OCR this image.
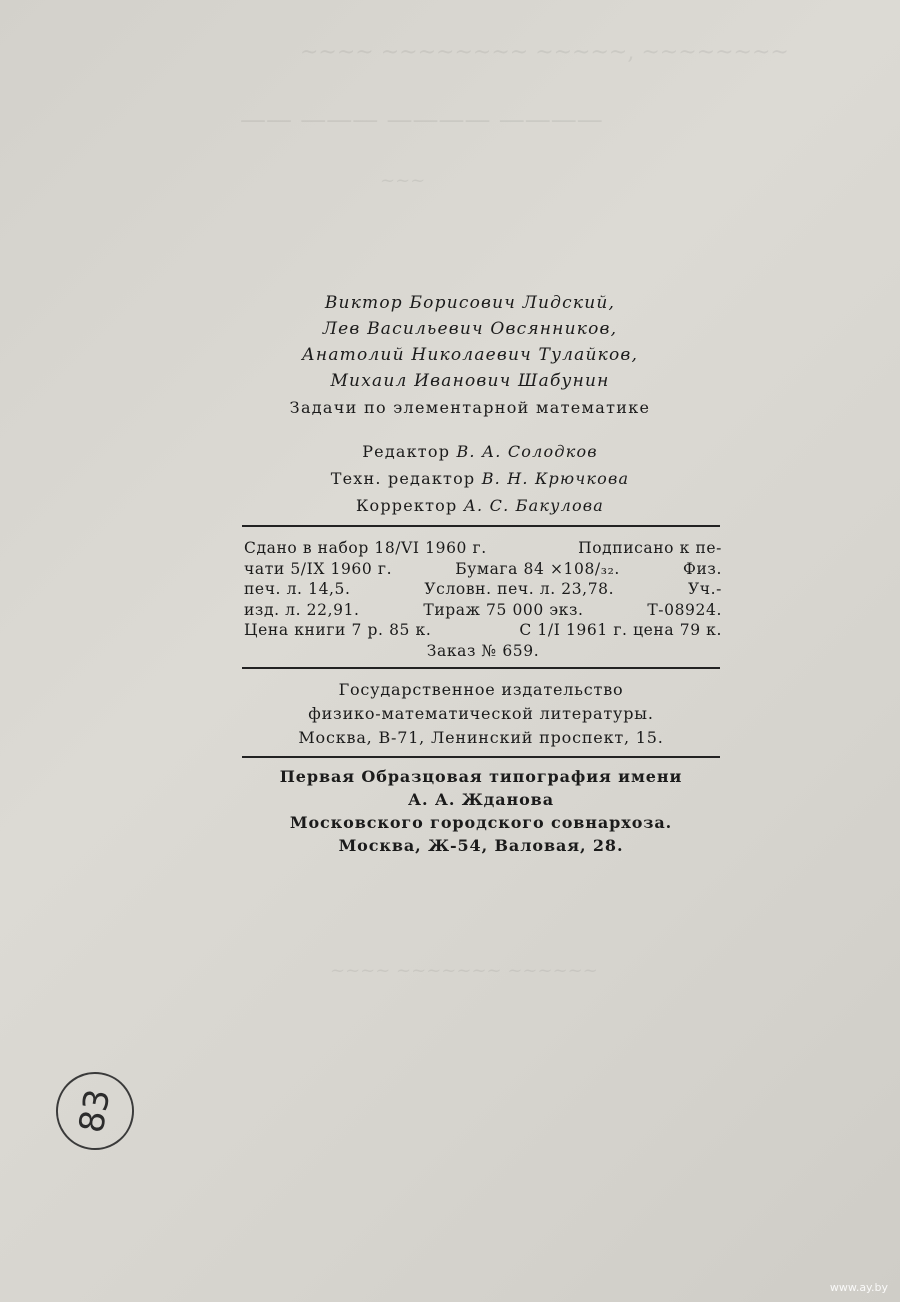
~~~~ ~~~~~~~~ ~~~~~, ~~~~~~~~
—— ——— ———— ————
~~~
~~~~ ~~~~~~~ ~~~~~~
Виктор Борисович Лидский,
Лев Васильевич Овсянников,
Анатолий Николаевич Тулайков,
Михаил Иванович Шабунин
Задачи по элементарной математике
Редактор В. А. Солодков
Техн. редактор В. Н. Крючкова
Корректор А. С. Бакулова
Сдано в набор 18/VI 1960 г.	Подписано к пе-
чати 5/IX 1960 г.	Бумага 84 ×108/₃₂.	Физ.
печ. л. 14,5.	Условн. печ. л. 23,78.	Уч.-
изд. л. 22,91.	Тираж 75 000 экз.	Т-08924.
Цена книги 7 р. 85 к.	С 1/I 1961 г. цена 79 к.
Заказ № 659.
Государственное издательство
физико-математической литературы.
Москва, В-71, Ленинский проспект, 15.
Первая Образцовая типография имени
А. А. Жданова
Московского городского совнархоза.
Москва, Ж-54, Валовая, 28.
83
www.ay.by
